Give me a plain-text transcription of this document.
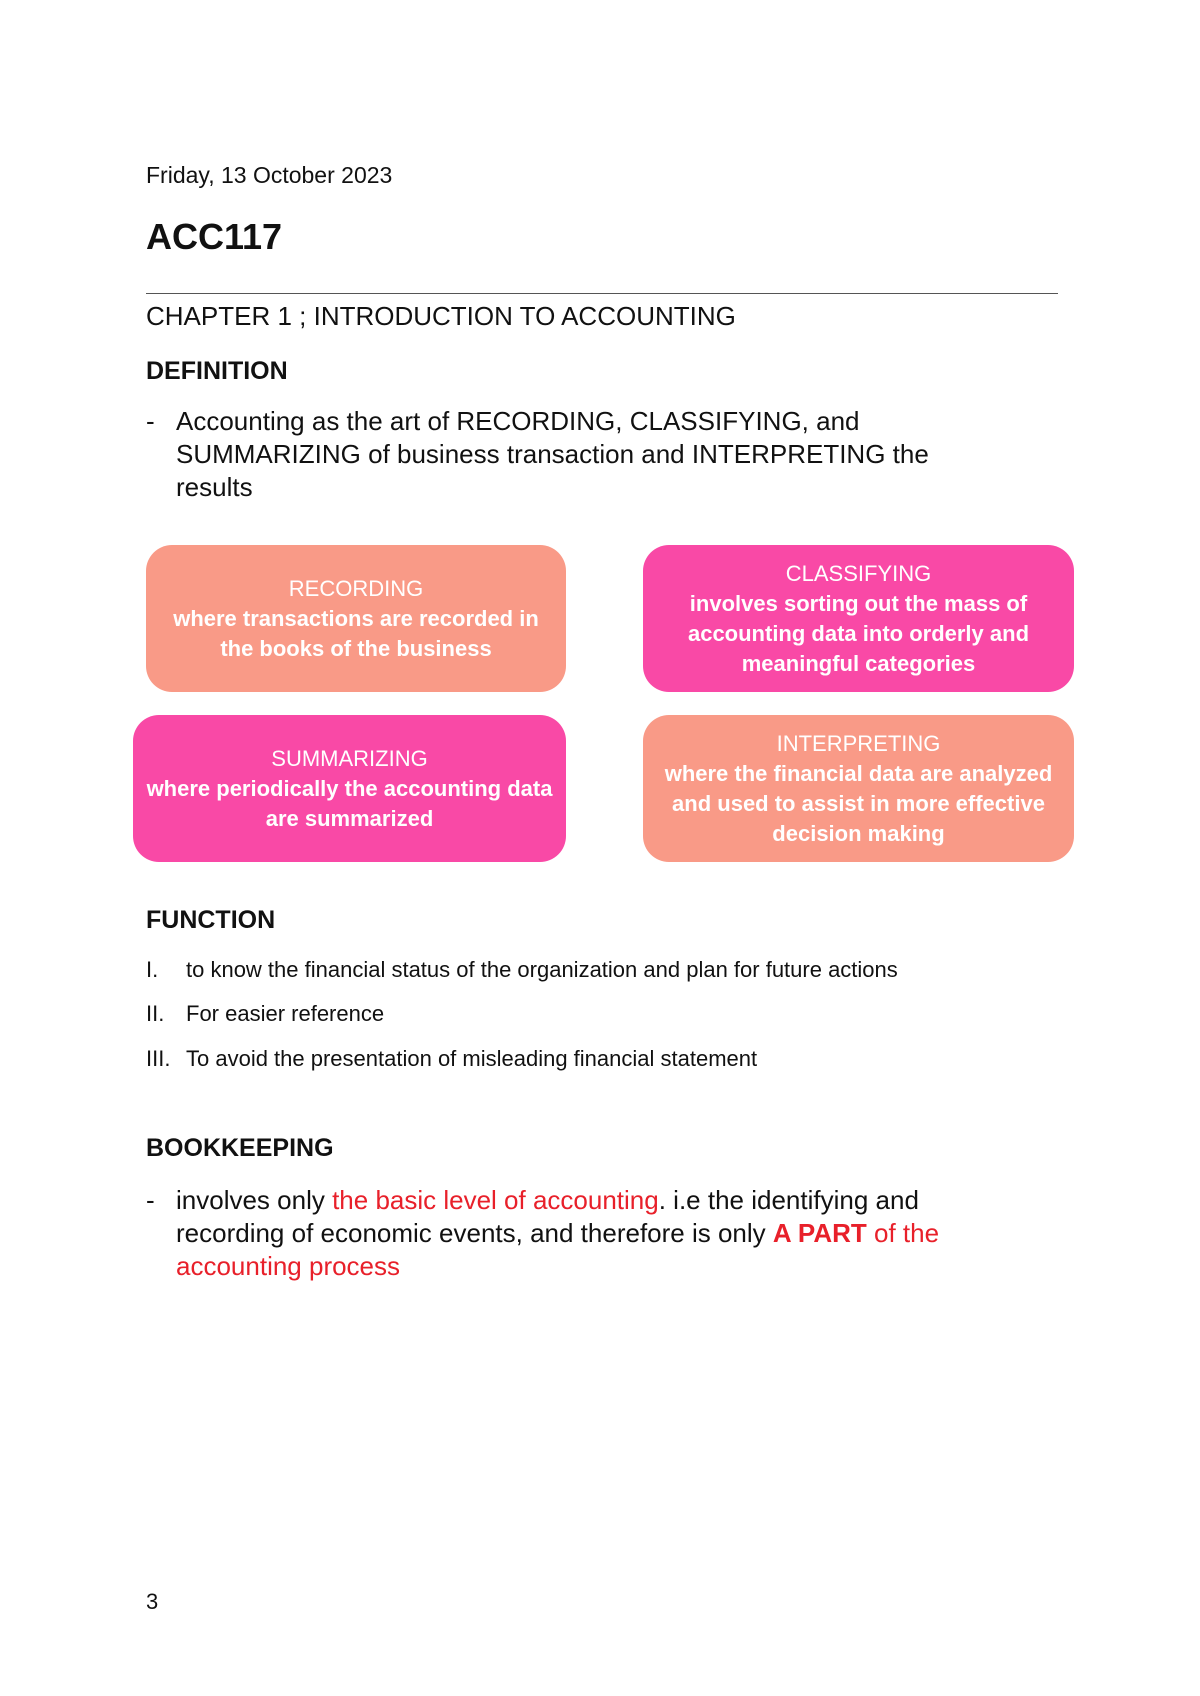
Friday, 13 October 2023
ACC117
CHAPTER 1 ; INTRODUCTION TO ACCOUNTING
DEFINITION
- Accounting as the art of RECORDING, CLASSIFYING, and SUMMARIZING of business transaction and INTERPRETING the results
RECORDING
where transactions are recorded in the books of the business
CLASSIFYING
involves sorting out the mass of accounting data into orderly and meaningful categories
SUMMARIZING
where periodically the accounting data are summarized
INTERPRETING
where the financial data are analyzed and used to assist in more effective decision making
FUNCTION
I. to know the financial status of the organization and plan for future actions
II. For easier reference
III. To avoid the presentation of misleading financial statement
BOOKKEEPING
- involves only the basic level of accounting. i.e the identifying and recording of economic events, and therefore is only A PART of the accounting process
3
